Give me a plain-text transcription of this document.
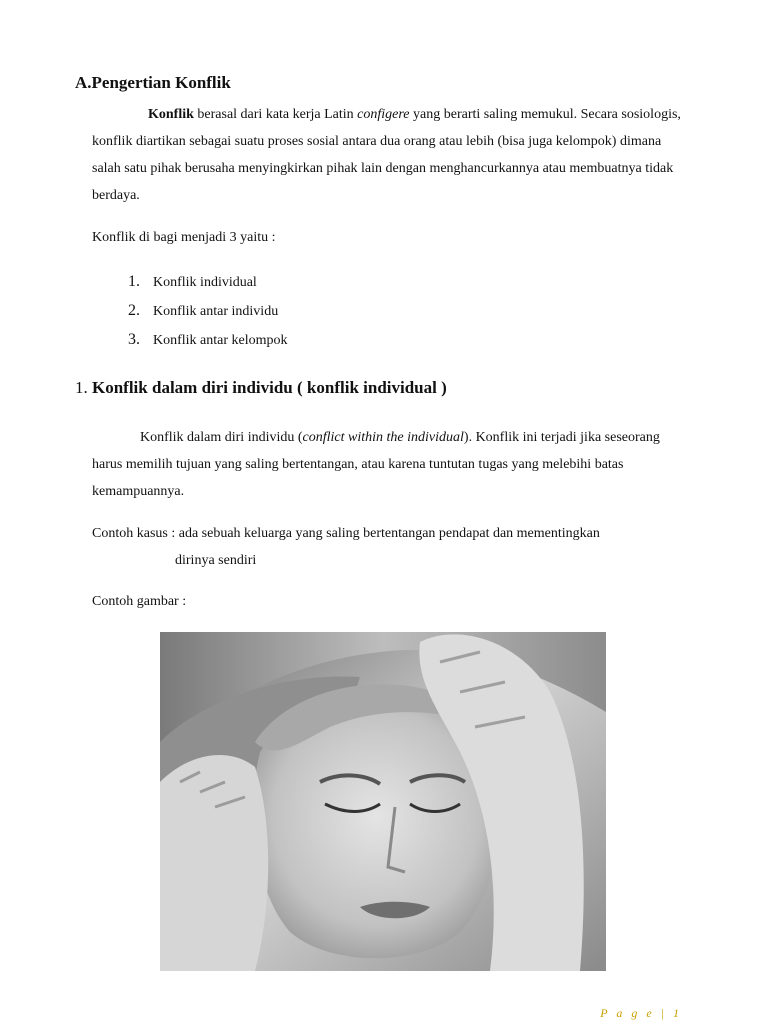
A.Pengertian Konflik
Konflik berasal dari kata kerja Latin configere yang berarti saling memukul. Secara sosiologis, konflik diartikan sebagai suatu proses sosial antara dua orang atau lebih (bisa juga kelompok) dimana salah satu pihak berusaha menyingkirkan pihak lain dengan menghancurkannya atau membuatnya tidak berdaya.
Konflik di bagi menjadi 3 yaitu :
1. Konflik individual
2. Konflik antar individu
3. Konflik antar kelompok
1. Konflik dalam diri individu ( konflik individual )
Konflik dalam diri individu (conflict within the individual). Konflik ini terjadi jika seseorang harus memilih tujuan yang saling bertentangan, atau karena tuntutan tugas yang melebihi batas kemampuannya.
Contoh kasus : ada sebuah keluarga yang saling bertentangan pendapat dan mementingkan
dirinya sendiri
Contoh gambar :
P a g e | 1
